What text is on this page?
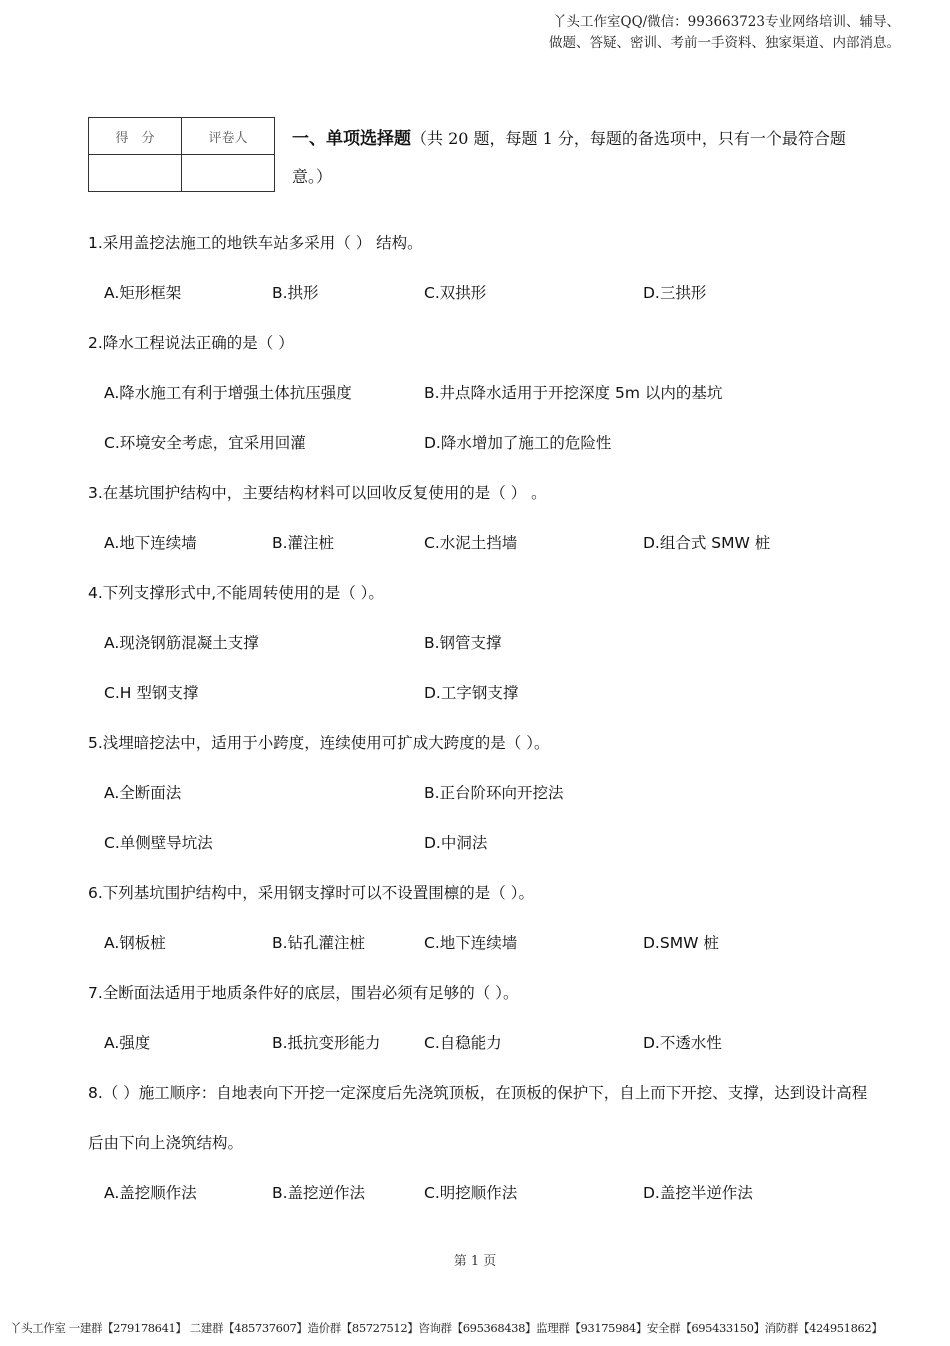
丫头工作室QQ/微信：993663723专业网络培训、辅导、
做题、答疑、密训、考前一手资料、独家渠道、内部消息。
得　分	评卷人
		一、单项选择题（共 20 题，每题 1 分，每题的备选项中，只有一个最符合题意。）
1.采用盖挖法施工的地铁车站多采用（ ） 结构。
A.矩形框架	B.拱形	C.双拱形	D.三拱形
2.降水工程说法正确的是（ ）
A.降水施工有利于增强土体抗压强度	B.井点降水适用于开挖深度 5m 以内的基坑
C.环境安全考虑，宜采用回灌	D.降水增加了施工的危险性
3.在基坑围护结构中，主要结构材料可以回收反复使用的是（ ） 。
A.地下连续墙	B.灌注桩	C.水泥土挡墙	D.组合式 SMW 桩
4.下列支撑形式中,不能周转使用的是（ ）。
A.现浇钢筋混凝土支撑	B.钢管支撑
C.H 型钢支撑	D.工字钢支撑
5.浅埋暗挖法中，适用于小跨度，连续使用可扩成大跨度的是（ ）。
A.全断面法	B.正台阶环向开挖法
C.单侧壁导坑法	D.中洞法
6.下列基坑围护结构中，采用钢支撑时可以不设置围檩的是（ ）。
A.钢板桩	B.钻孔灌注桩	C.地下连续墙	D.SMW 桩
7.全断面法适用于地质条件好的底层，围岩必须有足够的（ ）。
A.强度	B.抵抗变形能力	C.自稳能力	D.不透水性
8.（ ）施工顺序：自地表向下开挖一定深度后先浇筑顶板，在顶板的保护下，自上而下开挖、支撑，达到设计高程后由下向上浇筑结构。
A.盖挖顺作法	B.盖挖逆作法	C.明挖顺作法	D.盖挖半逆作法
第 1 页
丫头工作室 一建群【279178641】 二建群【485737607】造价群【85727512】咨询群【695368438】监理群【93175984】安全群【695433150】消防群【424951862】
